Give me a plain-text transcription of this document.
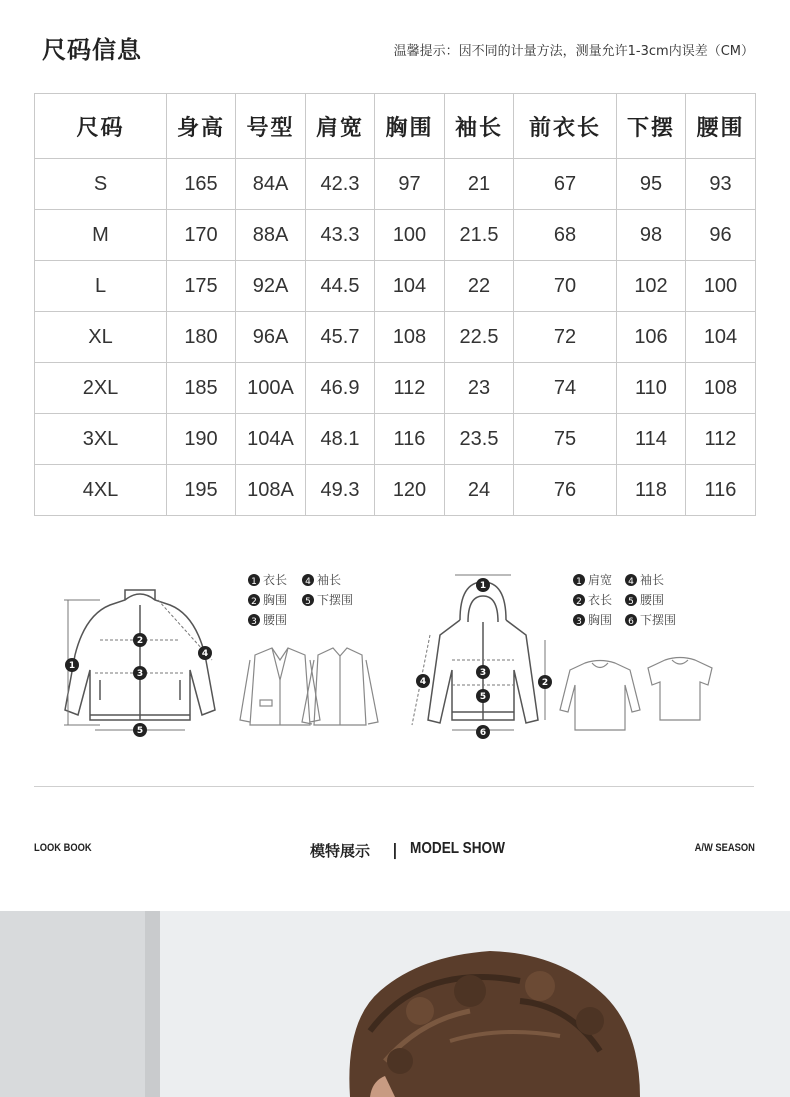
尺码信息	温馨提示：因不同的计量方法，测量允许1-3cm内误差（CM）
尺码	身高	号型	肩宽	胸围	袖长	前衣长	下摆	腰围
S	165	84A	42.3	97	21	67	95	93
M	170	88A	43.3	100	21.5	68	98	96
L	175	92A	44.5	104	22	70	102	100
XL	180	96A	45.7	108	22.5	72	106	104
2XL	185	100A	46.9	112	23	74	110	108
3XL	190	104A	48.1	116	23.5	75	114	112
4XL	195	108A	49.3	120	24	76	118	116
1 衣长 4 袖长
2 胸围 5 下摆围
3 腰围
1
2
3
4
5
1 肩宽 4 袖长
2 衣长 5 腰围
3 胸围 6 下摆围
1
2
3
4
5
6
LOOK BOOK	模特展示 | MODEL SHOW	A/W SEASON
